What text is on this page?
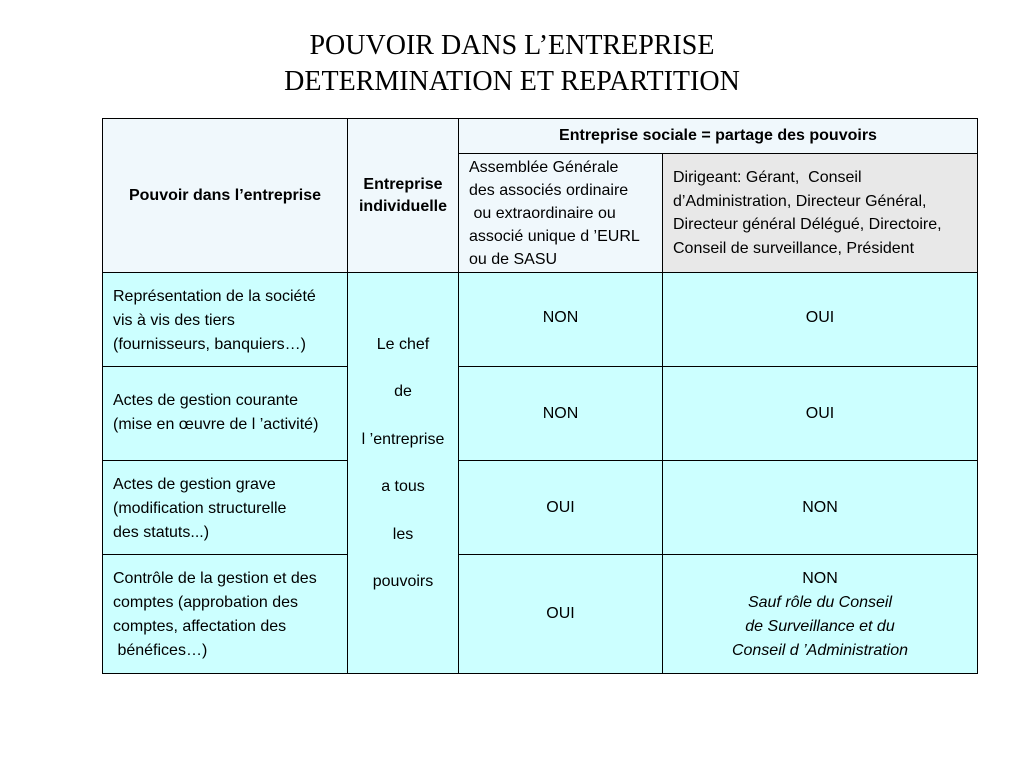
POUVOIR DANS L’ENTREPRISE
DETERMINATION ET REPARTITION
Pouvoir dans l’entreprise
Entreprise
individuelle
Entreprise sociale = partage des pouvoirs
Assemblée Générale
des associés ordinaire
ou extraordinaire ou
associé unique d ’EURL
ou de SASU
Dirigeant: Gérant,  Conseil
d’Administration, Directeur Général,
Directeur général Délégué, Directoire,
Conseil de surveillance, Président
Représentation de la société
vis à vis des tiers
(fournisseurs, banquiers…)
Actes de gestion courante
(mise en œuvre de l ’activité)
Actes de gestion grave
(modification structurelle
des statuts...)
Contrôle de la gestion et des
comptes (approbation des
comptes, affectation des
bénéfices…)
Le chef
de
l ’entreprise
a tous
les
pouvoirs
NON
NON
OUI
OUI
OUI
OUI
NON
NON
Sauf rôle du Conseil
de Surveillance et du
Conseil d ’Administration
